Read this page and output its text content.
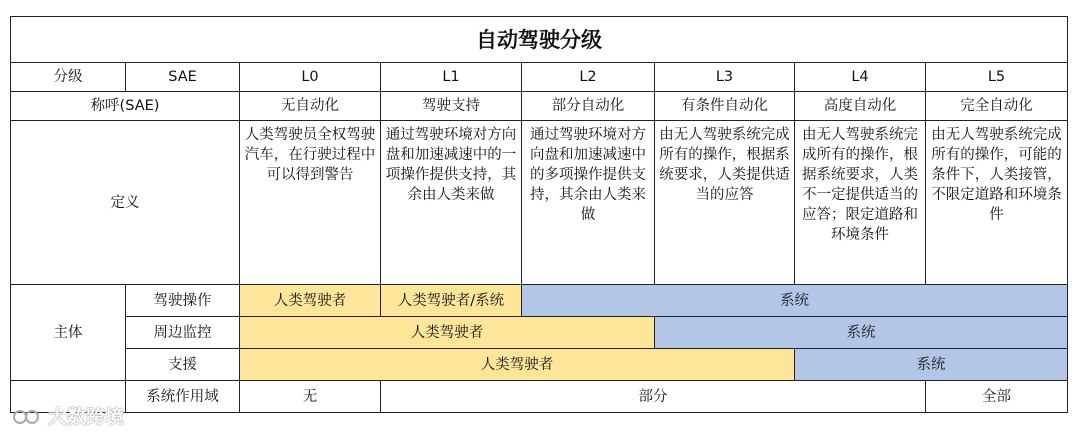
自动驾驶分级							
分级	SAE	L0	L1	L2	L3	L4	L5
称呼(SAE)		无自动化	驾驶支持	部分自动化	有条件自动化	高度自动化	完全自动化
定义		人类驾驶员全权驾驶汽车，在行驶过程中可以得到警告	通过驾驶环境对方向盘和加速减速中的一项操作提供支持，其余由人类来做	通过驾驶环境对方向盘和加速减速中的多项操作提供支持，其余由人类来做	由无人驾驶系统完成所有的操作，根据系统要求，人类提供适当的应答	由无人驾驶系统完成所有的操作，根据系统要求，人类不一定提供适当的应答；限定道路和环境条件	由无人驾驶系统完成所有的操作，可能的条件下，人类接管，不限定道路和环境条件
主体	驾驶操作	人类驾驶者	人类驾驶者/系统	系统			
	周边监控	人类驾驶者			系统		
	支援	人类驾驶者				系统	
	系统作用域	无	部分				全部
大数跨境
